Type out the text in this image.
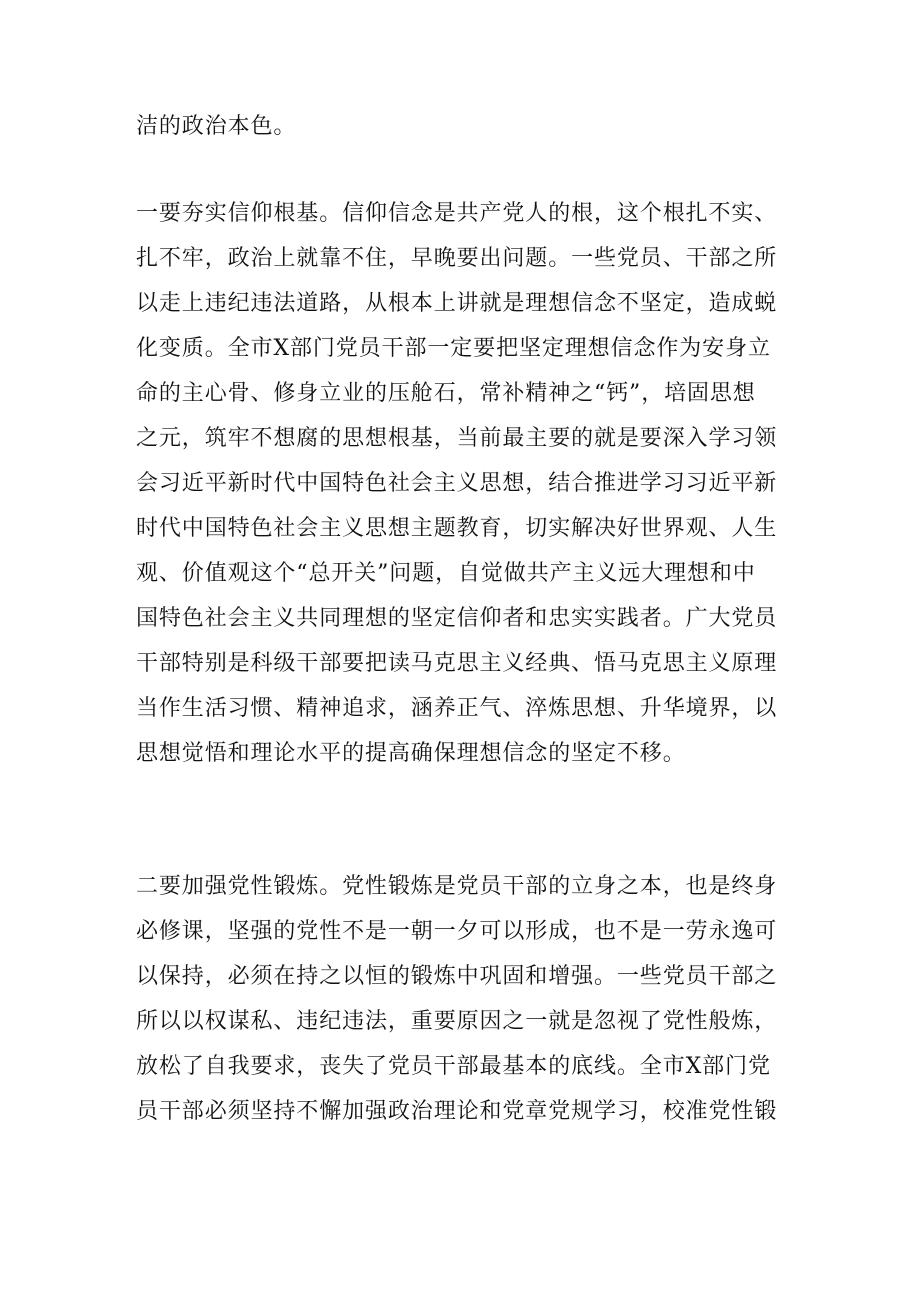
洁的政治本色。
一要夯实信仰根基。信仰信念是共产党人的根，这个根扎不实、
扎不牢，政治上就靠不住，早晚要出问题。一些党员、干部之所
以走上违纪违法道路，从根本上讲就是理想信念不坚定，造成蜕
化变质。全市X部门党员干部一定要把坚定理想信念作为安身立
命的主心骨、修身立业的压舱石，常补精神之“钙”，培固思想
之元，筑牢不想腐的思想根基，当前最主要的就是要深入学习领
会习近平新时代中国特色社会主义思想，结合推进学习习近平新
时代中国特色社会主义思想主题教育，切实解决好世界观、人生
观、价值观这个“总开关”问题，自觉做共产主义远大理想和中
国特色社会主义共同理想的坚定信仰者和忠实实践者。广大党员
干部特别是科级干部要把读马克思主义经典、悟马克思主义原理
当作生活习惯、精神追求，涵养正气、淬炼思想、升华境界，以
思想觉悟和理论水平的提高确保理想信念的坚定不移。
二要加强党性锻炼。党性锻炼是党员干部的立身之本，也是终身
必修课，坚强的党性不是一朝一夕可以形成，也不是一劳永逸可
以保持，必须在持之以恒的锻炼中巩固和增强。一些党员干部之
所以以权谋私、违纪违法，重要原因之一就是忽视了党性般炼，
放松了自我要求，丧失了党员干部最基本的底线。全市X部门党
员干部必须坚持不懈加强政治理论和党章党规学习，校准党性锻
